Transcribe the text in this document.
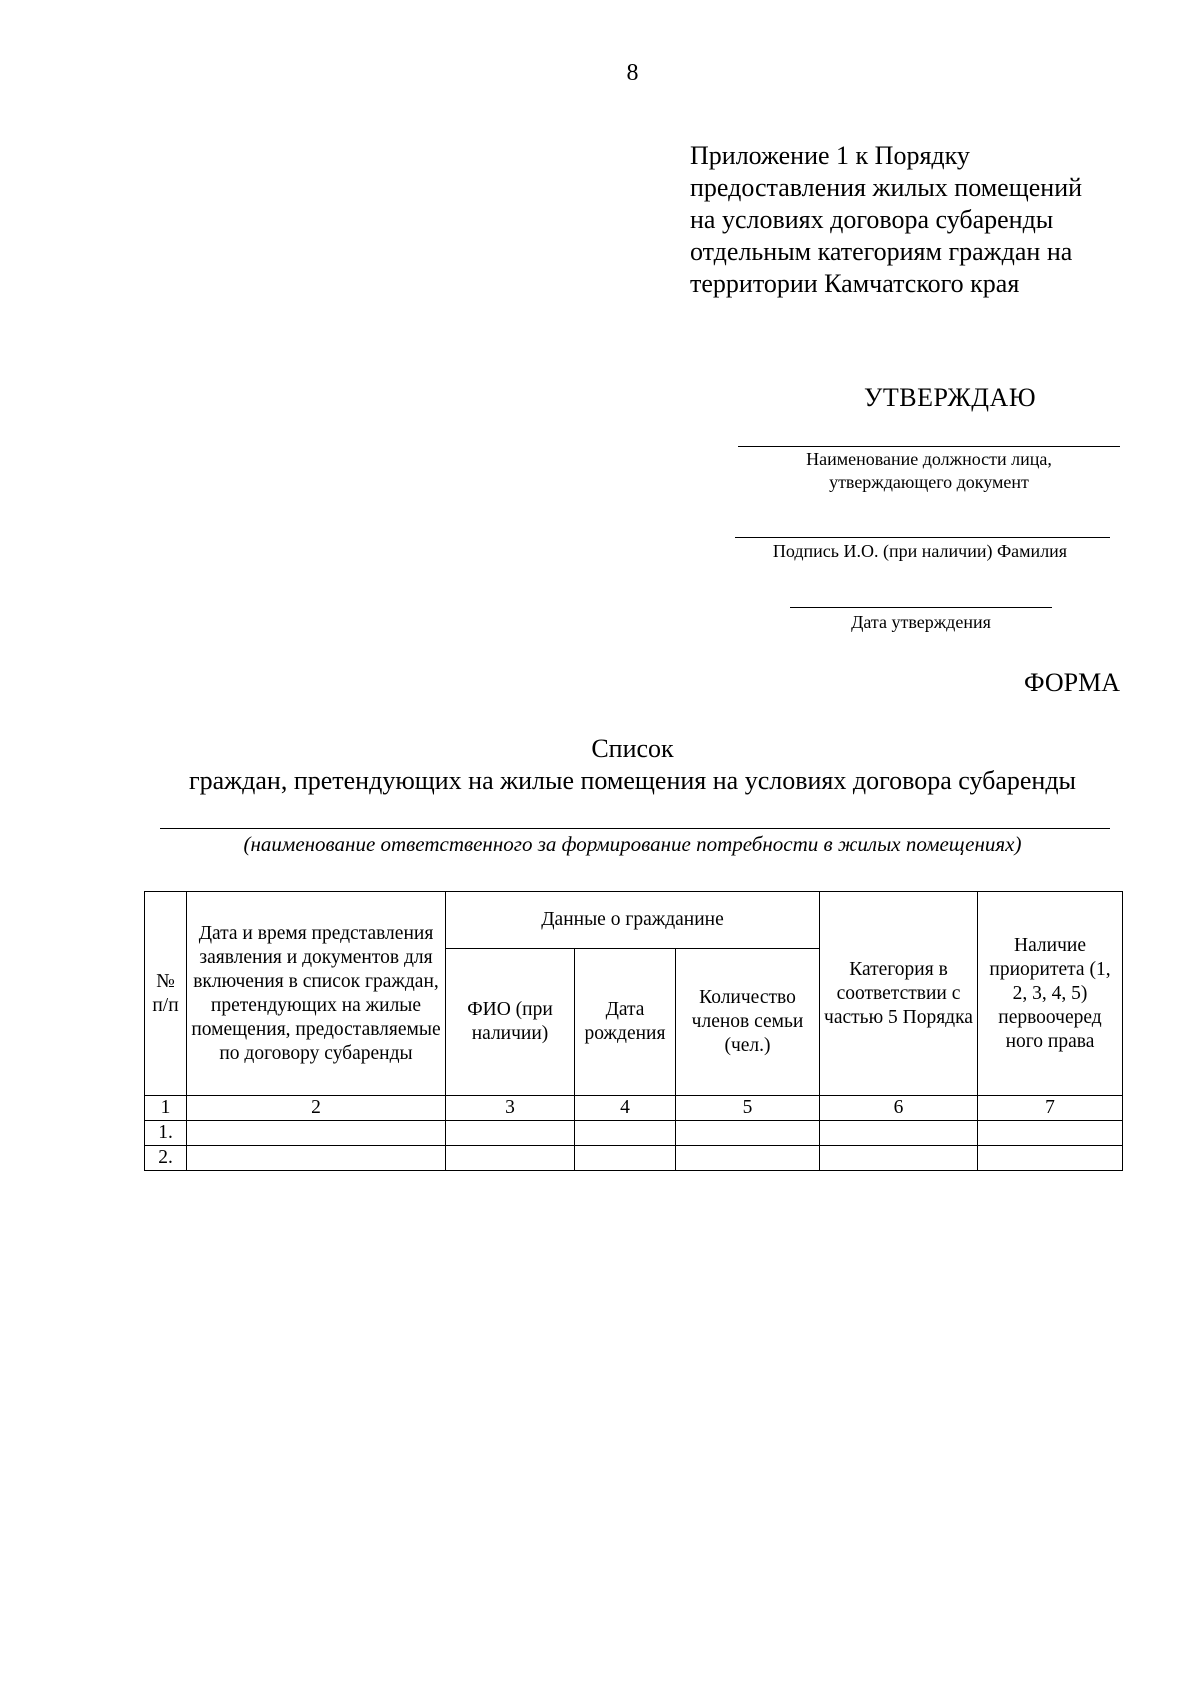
8
Приложение 1 к Порядку
предоставления жилых помещений
на условиях договора субаренды
отдельным категориям граждан на
территории Камчатского края
УТВЕРЖДАЮ
Наименование должности лица,
утверждающего документ
Подпись И.О. (при наличии) Фамилия
Дата утверждения
ФОРМА
Список
граждан, претендующих на жилые помещения на условиях договора субаренды
(наименование ответственного за формирование потребности в жилых помещениях)
№ п/п	Дата и время представления заявления и документов для включения в список граждан, претендующих на жилые помещения, предоставляемые по договору субаренды	Данные о гражданине			Категория в соответствии с частью 5 Порядка	Наличие приоритета (1, 2, 3, 4, 5) первоочеред ного права
		ФИО (при наличии)	Дата рождения	Количество членов семьи (чел.)		
1	2	3	4	5	6	7
1.						
2.						
